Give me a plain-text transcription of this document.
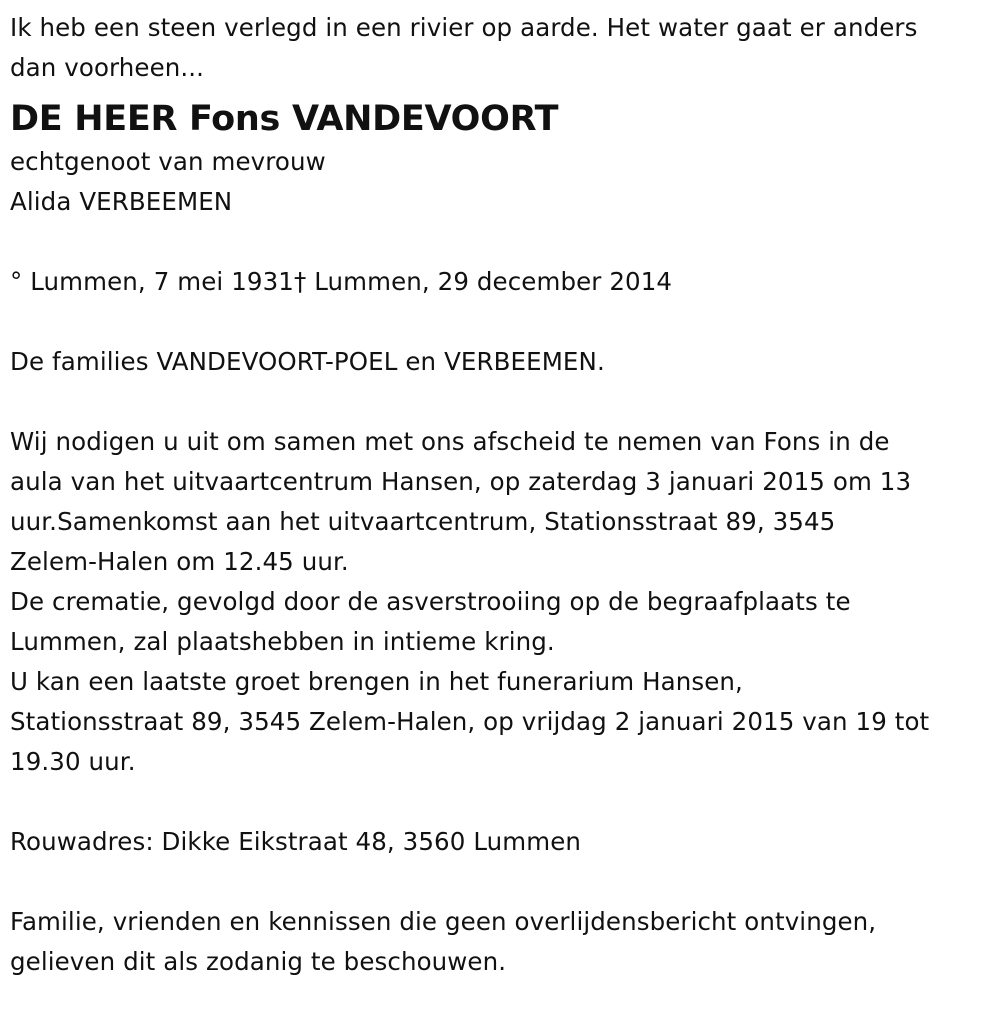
Ik heb een steen verlegd in een rivier op aarde. Het water gaat er anders
dan voorheen...
DE HEER Fons VANDEVOORT
echtgenoot van mevrouw
Alida VERBEEMEN
° Lummen, 7 mei 1931† Lummen, 29 december 2014
De families VANDEVOORT-POEL en VERBEEMEN.
Wij nodigen u uit om samen met ons afscheid te nemen van Fons in de
aula van het uitvaartcentrum Hansen, op zaterdag 3 januari 2015 om 13
uur.Samenkomst aan het uitvaartcentrum, Stationsstraat 89, 3545
Zelem-Halen om 12.45 uur.
De crematie, gevolgd door de asverstrooiing op de begraafplaats te
Lummen, zal plaatshebben in intieme kring.
U kan een laatste groet brengen in het funerarium Hansen,
Stationsstraat 89, 3545 Zelem-Halen, op vrijdag 2 januari 2015 van 19 tot
19.30 uur.
Rouwadres: Dikke Eikstraat 48, 3560 Lummen
Familie, vrienden en kennissen die geen overlijdensbericht ontvingen,
gelieven dit als zodanig te beschouwen.
